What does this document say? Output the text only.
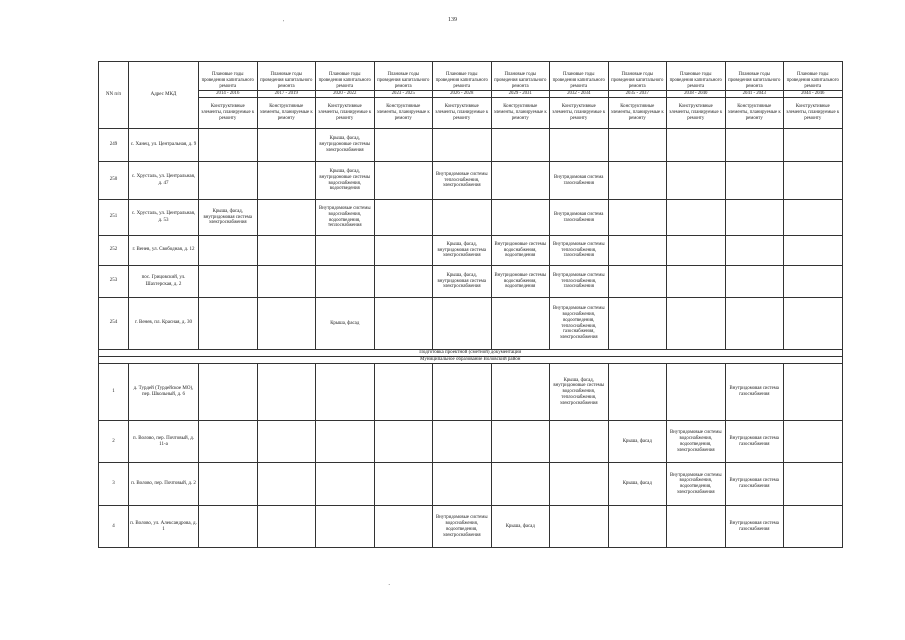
139
'
NN п/п	Адрес МКД	Плановые годы проведения капитального ремонта	Плановые годы проведения капитального ремонта	Плановые годы проведения капитального ремонта	Плановые годы проведения капитального ремонта	Плановые годы проведения капитального ремонта	Плановые годы проведения капитального ремонта	Плановые годы проведения капитального ремонта	Плановые годы проведения капитального ремонта	Плановые годы проведения капитального ремонта	Плановые годы проведения капитального ремонта	Плановые годы проведения капитального ремонта
		2014 - 2016	2017 - 2019	2020 - 2022	2023 - 2025	2026 - 2028	2029 - 2031	2032 - 2034	2035 - 2037	2038 - 2040	2041 - 2043	2044 - 2046
		Конструктивные элементы, планируемые к ремонту	Конструктивные элементы, планируемые к ремонту	Конструктивные элементы, планируемые к ремонту	Конструктивные элементы, планируемые к ремонту	Конструктивные элементы, планируемые к ремонту	Конструктивные элементы, планируемые к ремонту	Конструктивные элементы, планируемые к ремонту	Конструктивные элементы, планируемые к ремонту	Конструктивные элементы, планируемые к ремонту	Конструктивные элементы, планируемые к ремонту	Конструктивные элементы, планируемые к ремонту
249	с. Ханец, ул. Центральная, д. 9			Крыша, фасад, внутридомовые системы электроснабжения								
250	с. Хрусталь, ул. Центральная, д. 47			Крыша, фасад, внутридомовые системы водоснабжения, водоотведения		Внутридомовые системы теплоснабжения, электроснабжения		Внутридомовая система газоснабжения				
251	с. Хрусталь, ул. Центральная, д. 53	Крыша, фасад, внутридомовая система электроснабжения		Внутридомовые системы водоснабжения, водоотведения, теплоснабжения				Внутридомовая система газоснабжения				
252	г. Венев, ул. Свободная, д. 12					Крыша, фасад, внутридомовая система электроснабжения	Внутридомовые системы водоснабжения, водоотведения	Внутридомовые системы теплоснабжения, газоснабжения				
253	пос. Грицовский, ул. Шахтерская, д. 2					Крыша, фасад, внутридомовая система электроснабжения	Внутридомовые системы водоснабжения, водоотведения	Внутридомовые системы теплоснабжения, газоснабжения				
254	г. Венев, пл. Красная, д. 30			Крыша, фасад				Внутридомовые системы водоснабжения, водоотведения, теплоснабжения, газоснабжения, электроснабжения				
Подготовка проектной (сметной) документации												
Муниципальное образование Воловский район												
1	д. Турдей (Турдейское МО), пер. Школьный, д. 6							Крыша, фасад, внутридомовые системы водоснабжения, теплоснабжения, электроснабжения			Внутридомовая система газоснабжения	
2	п. Волово, пер. Почтовый, д. 11-а								Крыша, фасад	Внутридомовые системы водоснабжения, водоотведения, электроснабжения	Внутридомовая система газоснабжения	
3	п. Волово, пер. Почтовый, д. 2								Крыша, фасад	Внутридомовые системы водоснабжения, водоотведения, электроснабжения	Внутридомовая система газоснабжения	
4	п. Волово, ул. Александрова, д. 1					Внутридомовые системы водоснабжения, водоотведения, электроснабжения	Крыша, фасад				Внутридомовая система газоснабжения	
·
